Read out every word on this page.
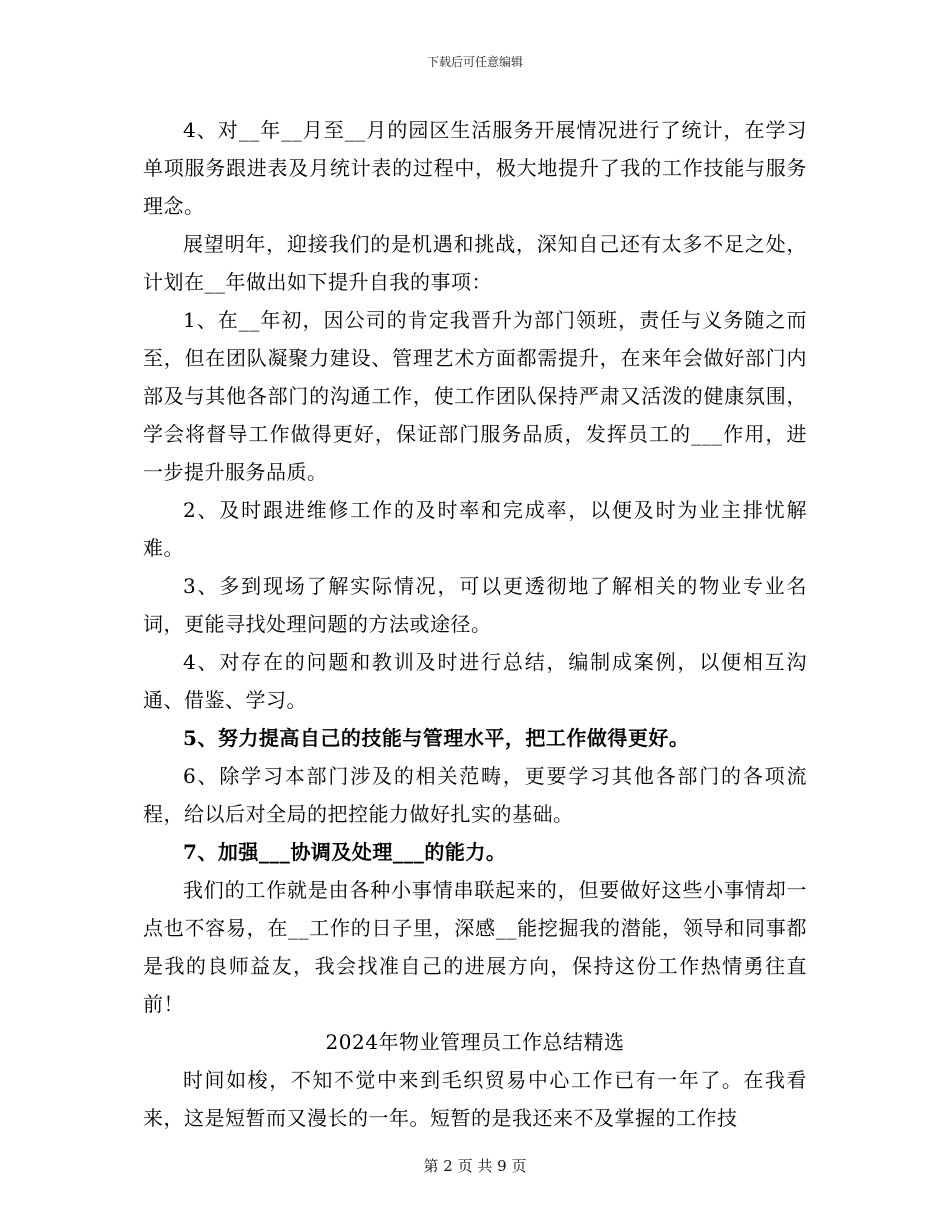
下载后可任意编辑

4、对__年__月至__月的园区生活服务开展情况进行了统计，在学习单项服务跟进表及月统计表的过程中，极大地提升了我的工作技能与服务理念。

展望明年，迎接我们的是机遇和挑战，深知自己还有太多不足之处，计划在__年做出如下提升自我的事项：

1、在__年初，因公司的肯定我晋升为部门领班，责任与义务随之而至，但在团队凝聚力建设、管理艺术方面都需提升，在来年会做好部门内部及与其他各部门的沟通工作，使工作团队保持严肃又活泼的健康氛围，学会将督导工作做得更好，保证部门服务品质，发挥员工的___作用，进一步提升服务品质。

2、及时跟进维修工作的及时率和完成率，以便及时为业主排忧解难。

3、多到现场了解实际情况，可以更透彻地了解相关的物业专业名词，更能寻找处理问题的方法或途径。

4、对存在的问题和教训及时进行总结，编制成案例，以便相互沟通、借鉴、学习。

5、努力提高自己的技能与管理水平，把工作做得更好。

6、除学习本部门涉及的相关范畴，更要学习其他各部门的各项流程，给以后对全局的把控能力做好扎实的基础。

7、加强___协调及处理___的能力。

我们的工作就是由各种小事情串联起来的，但要做好这些小事情却一点也不容易，在__工作的日子里，深感__能挖掘我的潜能，领导和同事都是我的良师益友，我会找准自己的进展方向，保持这份工作热情勇往直前！

2024年物业管理员工作总结精选

时间如梭，不知不觉中来到毛织贸易中心工作已有一年了。在我看来，这是短暂而又漫长的一年。短暂的是我还来不及掌握的工作技

第 2 页 共 9 页
